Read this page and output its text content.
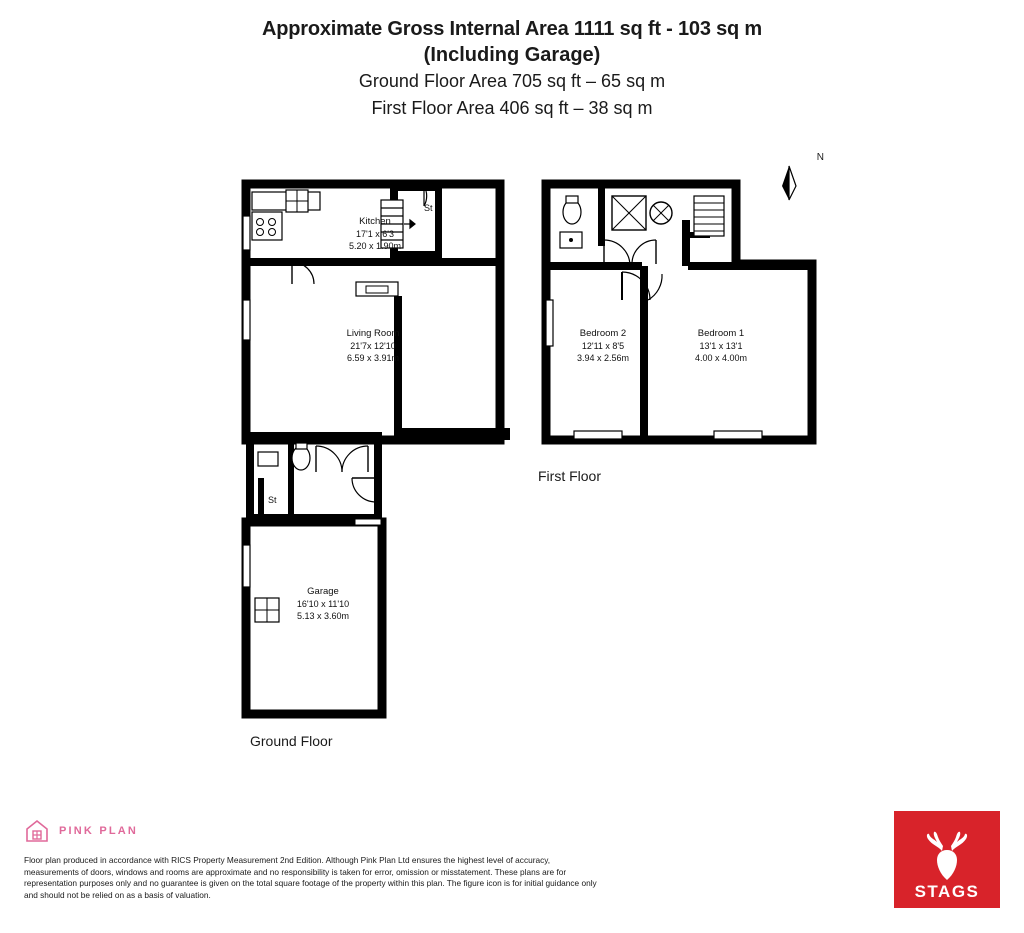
Approximate Gross Internal Area 1111 sq ft - 103 sq m
(Including Garage)
Ground Floor Area 705 sq ft – 65 sq m
First Floor Area 406 sq ft – 38 sq m
N
Kitchen
17'1 x 6'3
5.20 x 1.90m
Living Room
21'7x 12'10
6.59 x 3.91m
Garage
16'10 x 11'10
5.13 x 3.60m
Bedroom 2
12'11 x 8'5
3.94 x 2.56m
Bedroom 1
13'1 x 13'1
4.00 x 4.00m
St
St
Ground Floor
First Floor
PINK PLAN
Floor plan produced in accordance with RICS Property Measurement 2nd Edition. Although Pink Plan Ltd ensures the highest level of accuracy, measurements of doors, windows and rooms are approximate and no responsibility is taken for error, omission or misstatement. These plans are for representation purposes only and no guarantee is given on the total square footage of the property within this plan. The figure icon is for initial guidance only and should not be relied on as a basis of valuation.	STAGS
